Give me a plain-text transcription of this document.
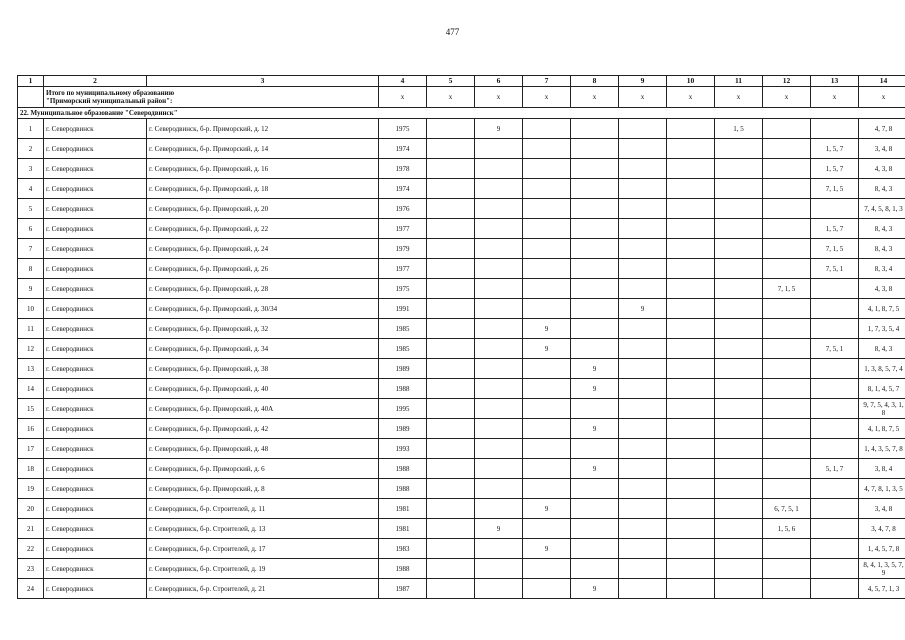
477
1	2	3	4	5	6	7	8	9	10	11	12	13	14

	Итого по муниципальному образованию
"Приморский муниципальный район":		x	x	x	x	x	x	x	x	x	x	x
22. Муниципальное образование "Северодвинск"													
1	г. Северодвинск	г. Северодвинск, б-р. Приморский, д. 12	1975		9					1, 5			4, 7, 8
2	г. Северодвинск	г. Северодвинск, б-р. Приморский, д. 14	1974									1, 5, 7	3, 4, 8
3	г. Северодвинск	г. Северодвинск, б-р. Приморский, д. 16	1978									1, 5, 7	4, 3, 8
4	г. Северодвинск	г. Северодвинск, б-р. Приморский, д. 18	1974									7, 1, 5	8, 4, 3
5	г. Северодвинск	г. Северодвинск, б-р. Приморский, д. 20	1976										7, 4, 5, 8, 1, 3
6	г. Северодвинск	г. Северодвинск, б-р. Приморский, д. 22	1977									1, 5, 7	8, 4, 3
7	г. Северодвинск	г. Северодвинск, б-р. Приморский, д. 24	1979									7, 1, 5	8, 4, 3
8	г. Северодвинск	г. Северодвинск, б-р. Приморский, д. 26	1977									7, 5, 1	8, 3, 4
9	г. Северодвинск	г. Северодвинск, б-р. Приморский, д. 28	1975								7, 1, 5		4, 3, 8
10	г. Северодвинск	г. Северодвинск, б-р. Приморский, д. 30/34	1991					9					4, 1, 8, 7, 5
11	г. Северодвинск	г. Северодвинск, б-р. Приморский, д. 32	1985			9							1, 7, 3, 5, 4
12	г. Северодвинск	г. Северодвинск, б-р. Приморский, д. 34	1985			9						7, 5, 1	8, 4, 3
13	г. Северодвинск	г. Северодвинск, б-р. Приморский, д. 38	1989				9						1, 3, 8, 5, 7, 4
14	г. Северодвинск	г. Северодвинск, б-р. Приморский, д. 40	1988				9						8, 1, 4, 5, 7
15	г. Северодвинск	г. Северодвинск, б-р. Приморский, д. 40А	1995										9, 7, 5, 4, 3, 1, 8
16	г. Северодвинск	г. Северодвинск, б-р. Приморский, д. 42	1989				9						4, 1, 8, 7, 5
17	г. Северодвинск	г. Северодвинск, б-р. Приморский, д. 48	1993										1, 4, 3, 5, 7, 8
18	г. Северодвинск	г. Северодвинск, б-р. Приморский, д. 6	1988				9					5, 1, 7	3, 8, 4
19	г. Северодвинск	г. Северодвинск, б-р. Приморский, д. 8	1988										4, 7, 8, 1, 3, 5
20	г. Северодвинск	г. Северодвинск, б-р. Строителей, д. 11	1981			9					6, 7, 5, 1		3, 4, 8
21	г. Северодвинск	г. Северодвинск, б-р. Строителей, д. 13	1981		9						1, 5, 6		3, 4, 7, 8
22	г. Северодвинск	г. Северодвинск, б-р. Строителей, д. 17	1983			9							1, 4, 5, 7, 8
23	г. Северодвинск	г. Северодвинск, б-р. Строителей, д. 19	1988										8, 4, 1, 3, 5, 7, 9
24	г. Северодвинск	г. Северодвинск, б-р. Строителей, д. 21	1987				9						4, 5, 7, 1, 3
